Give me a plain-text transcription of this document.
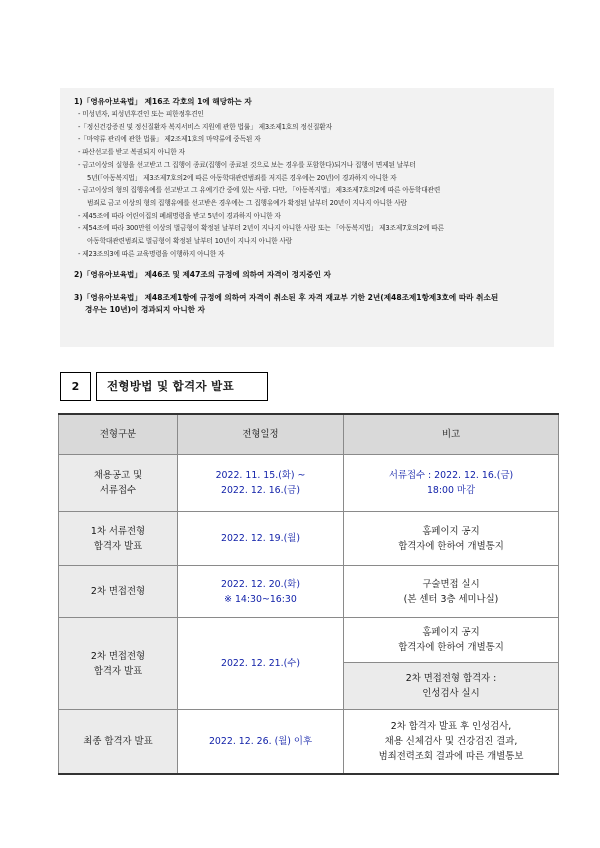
1)「영유아보육법」 제16조 각호의 1에 해당하는 자

- 미성년자, 피성년후견인 또는 피한정후견인
-「정신건강증진 및 정신질환자 복지서비스 지원에 관한 법률」 제3조제1호의 정신질환자
-「마약류 관리에 관한 법률」 제2조제1호의 마약류에 중독된 자
- 파산선고를 받고 복권되지 아니한 자
- 금고이상의 실형을 선고받고 그 집행이 종료(집행이 종료된 것으로 보는 경우를 포함한다)되거나 집행이 면제된 날부터
5년(「아동복지법」 제3조제7호의2에 따른 아동학대관련범죄를 저지른 경우에는 20년)이 경과하지 아니한 자
- 금고이상의 형의 집행유예를 선고받고 그 유예기간 중에 있는 사람. 다만, 「아동복지법」 제3조제7호의2에 따른 아동학대관련
범죄로 금고 이상의 형의 집행유예를 선고받은 경우에는 그 집행유예가 확정된 날부터 20년이 지나지 아니한 사람
- 제45조에 따라 어린이집의 폐쇄명령을 받고 5년이 경과하지 아니한 자
- 제54조에 따라 300만원 이상의 벌금형이 확정된 날부터 2년이 지나지 아니한 사람 또는 「아동복지법」 제3조제7호의2에 따른
아동학대관련범죄로 벌금형이 확정된 날부터 10년이 지나지 아니한 사람
- 제23조의3에 따른 교육명령을 이행하지 아니한 자

2)「영유아보육법」 제46조 및 제47조의 규정에 의하여 자격이 정지중인 자

3)「영유아보육법」 제48조제1항에 규정에 의하여 자격이 취소된 후 자격 재교부 기한 2년(제48조제1항제3호에 따라 취소된
경우는 10년)이 경과되지 아니한 자

2	전형방법 및 합격자 발표
전형구분	전형일정	비고

채용공고 및
서류접수	2022. 11. 15.(화) ~
2022. 12. 16.(금)	서류접수 : 2022. 12. 16.(금)
18:00 마감

1차 서류전형
합격자 발표	2022. 12. 19.(월)	홈페이지 공지
합격자에 한하여 개별통지

2차 면접전형	2022. 12. 20.(화)
※ 14:30~16:30	구술면접 실시
(본 센터 3층 세미나실)

2차 면접전형
합격자 발표	2022. 12. 21.(수)	홈페이지 공지
합격자에 한하여 개별통지

		2차 면접전형 합격자 :
인성검사 실시

최종 합격자 발표	2022. 12. 26. (월) 이후	2차 합격자 발표 후 인성검사,
채용 신체검사 및 건강검진 결과,
범죄전력조회 결과에 따른 개별통보
